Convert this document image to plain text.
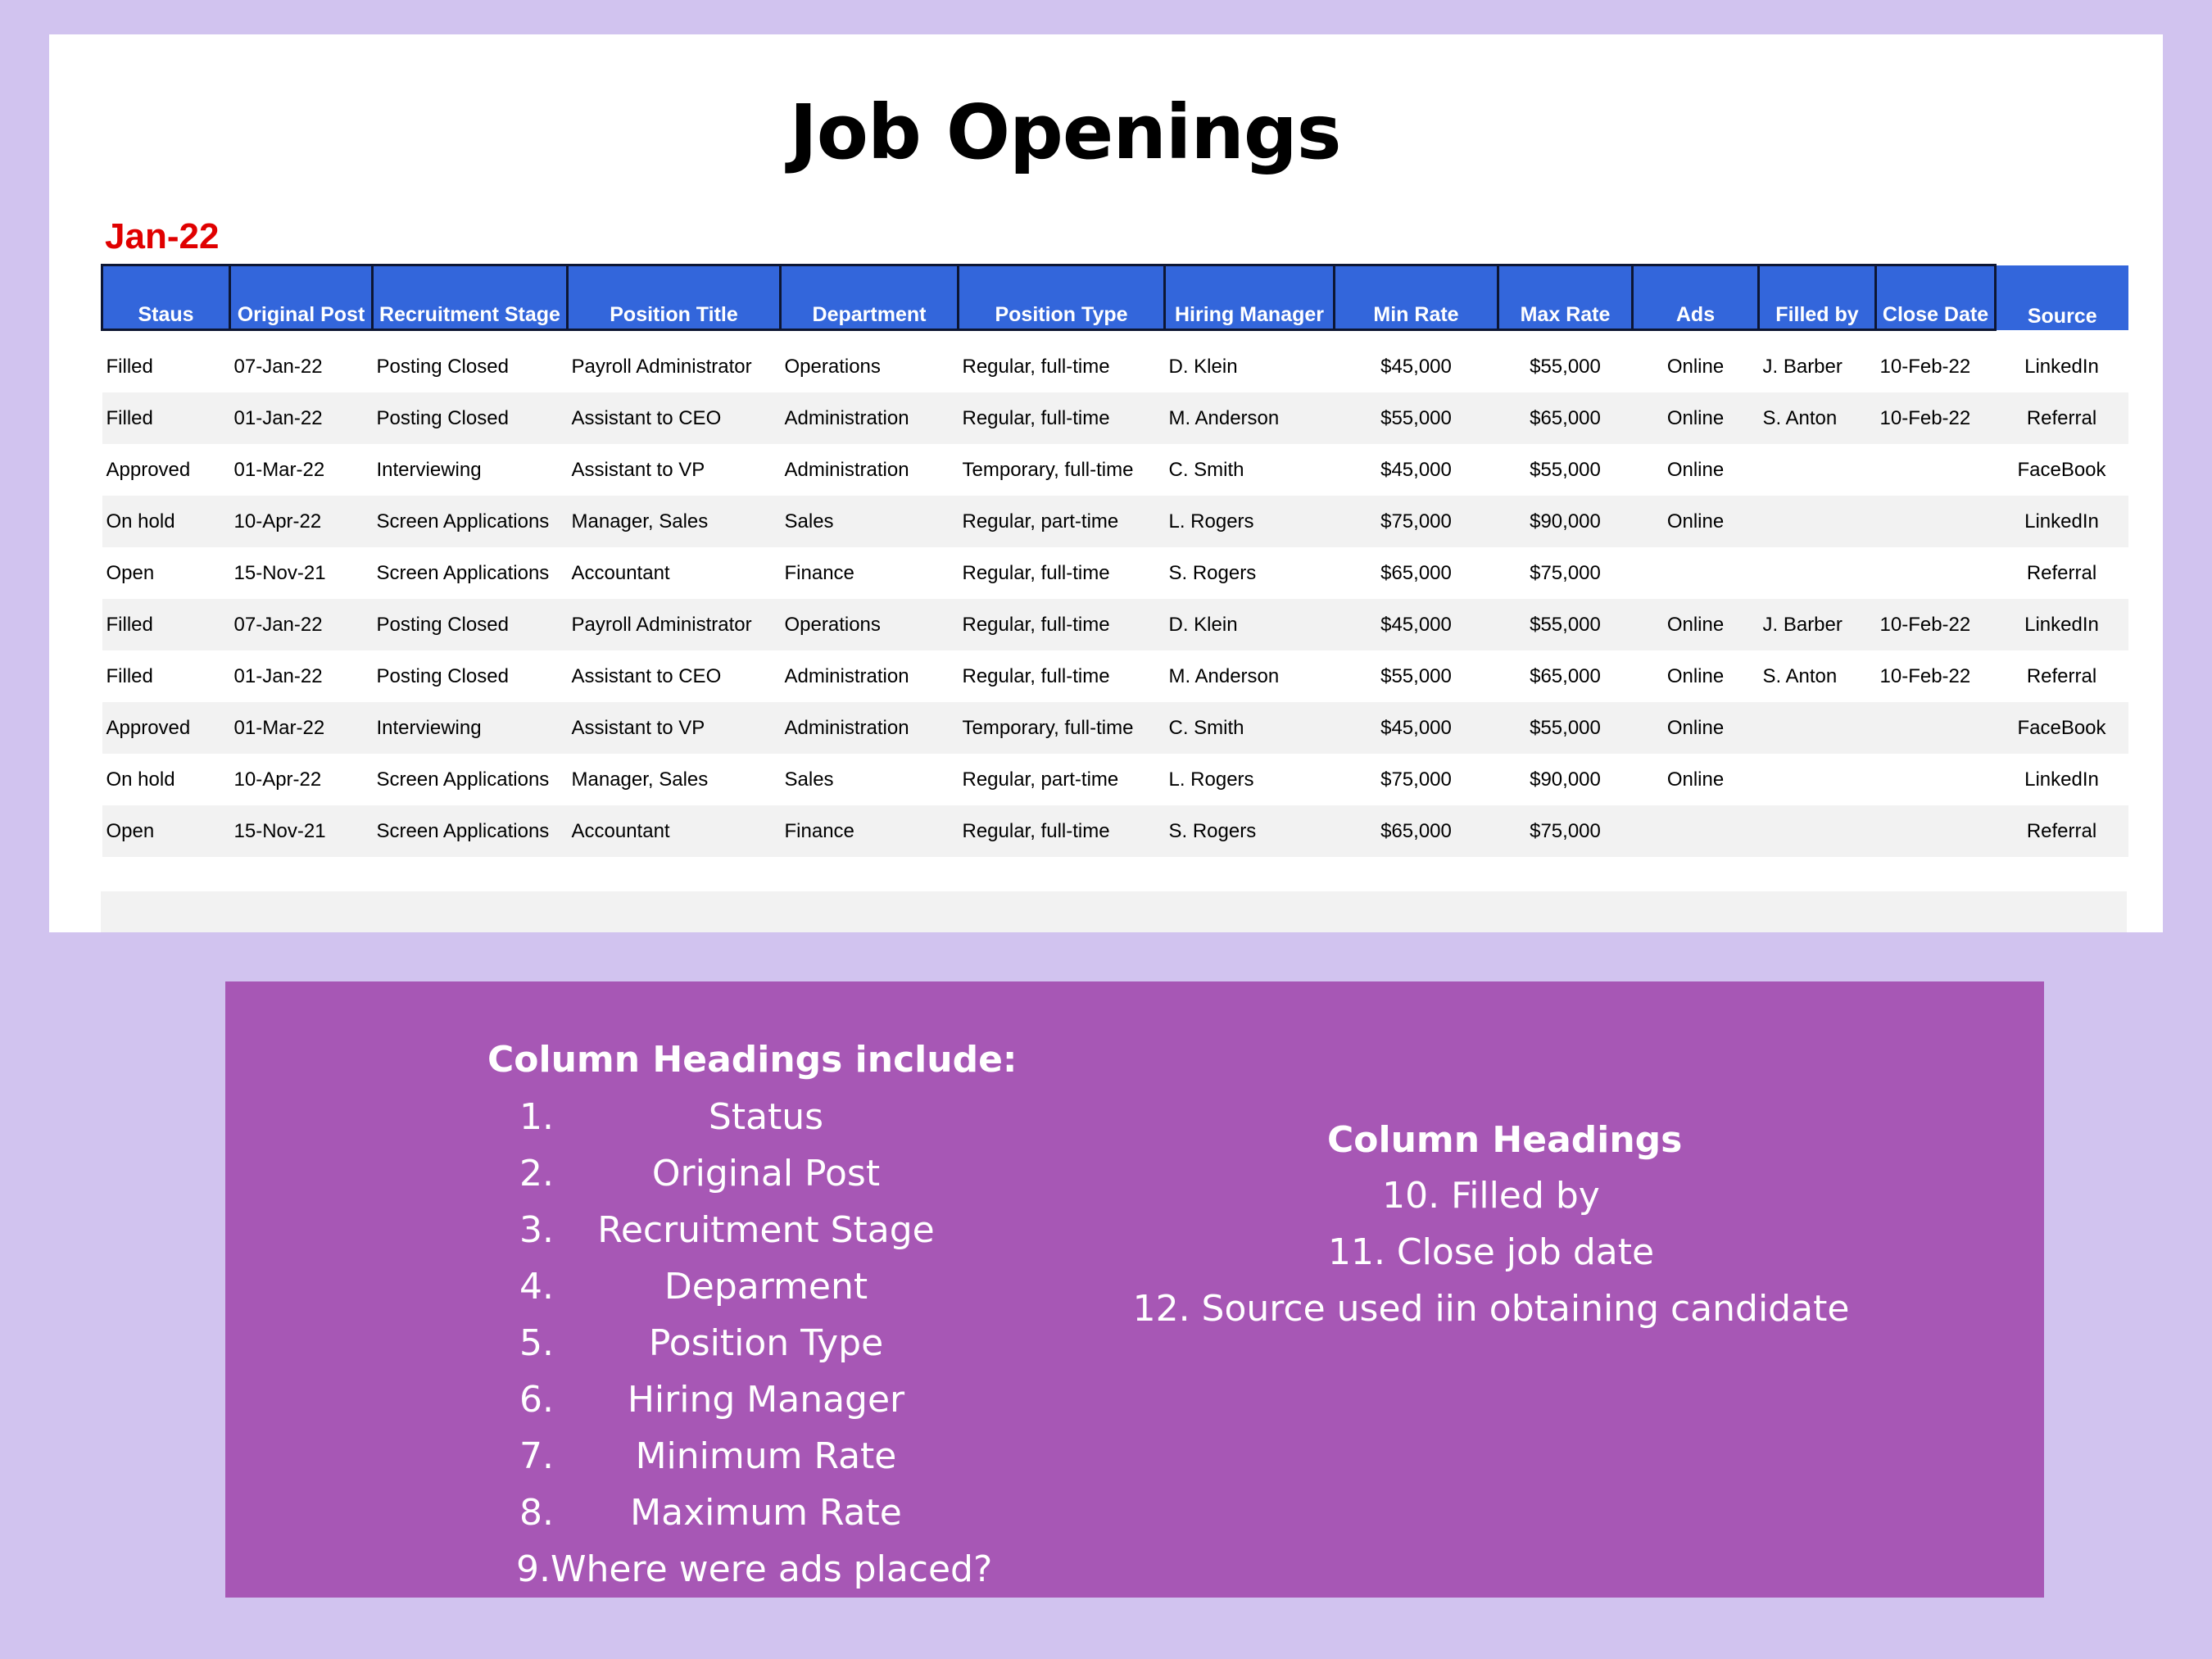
Job Openings
Jan-22
Staus	Original Post	Recruitment Stage	Position Title	Department	Position Type	Hiring Manager	Min Rate	Max Rate	Ads	Filled by	Close Date	Source

Filled	07-Jan-22	Posting Closed	Payroll Administrator	Operations	Regular, full-time	D. Klein	$45,000	$55,000	Online	J. Barber	10-Feb-22	LinkedIn
Filled	01-Jan-22	Posting Closed	Assistant to CEO	Administration	Regular, full-time	M. Anderson	$55,000	$65,000	Online	S. Anton	10-Feb-22	Referral
Approved	01-Mar-22	Interviewing	Assistant to VP	Administration	Temporary, full-time	C. Smith	$45,000	$55,000	Online			FaceBook
On hold	10-Apr-22	Screen Applications	Manager, Sales	Sales	Regular, part-time	L. Rogers	$75,000	$90,000	Online			LinkedIn
Open	15-Nov-21	Screen Applications	Accountant	Finance	Regular, full-time	S. Rogers	$65,000	$75,000				Referral
Filled	07-Jan-22	Posting Closed	Payroll Administrator	Operations	Regular, full-time	D. Klein	$45,000	$55,000	Online	J. Barber	10-Feb-22	LinkedIn
Filled	01-Jan-22	Posting Closed	Assistant to CEO	Administration	Regular, full-time	M. Anderson	$55,000	$65,000	Online	S. Anton	10-Feb-22	Referral
Approved	01-Mar-22	Interviewing	Assistant to VP	Administration	Temporary, full-time	C. Smith	$45,000	$55,000	Online			FaceBook
On hold	10-Apr-22	Screen Applications	Manager, Sales	Sales	Regular, part-time	L. Rogers	$75,000	$90,000	Online			LinkedIn
Open	15-Nov-21	Screen Applications	Accountant	Finance	Regular, full-time	S. Rogers	$65,000	$75,000				Referral
Column Headings include:
1.	Status
2.	Original Post
3.	Recruitment Stage
4.	Deparment
5.	Position Type
6.	Hiring Manager
7.	Minimum Rate
8.	Maximum Rate
9.Where were ads placed?
Column Headings
10. Filled by
11. Close job date
12. Source used iin obtaining candidate
